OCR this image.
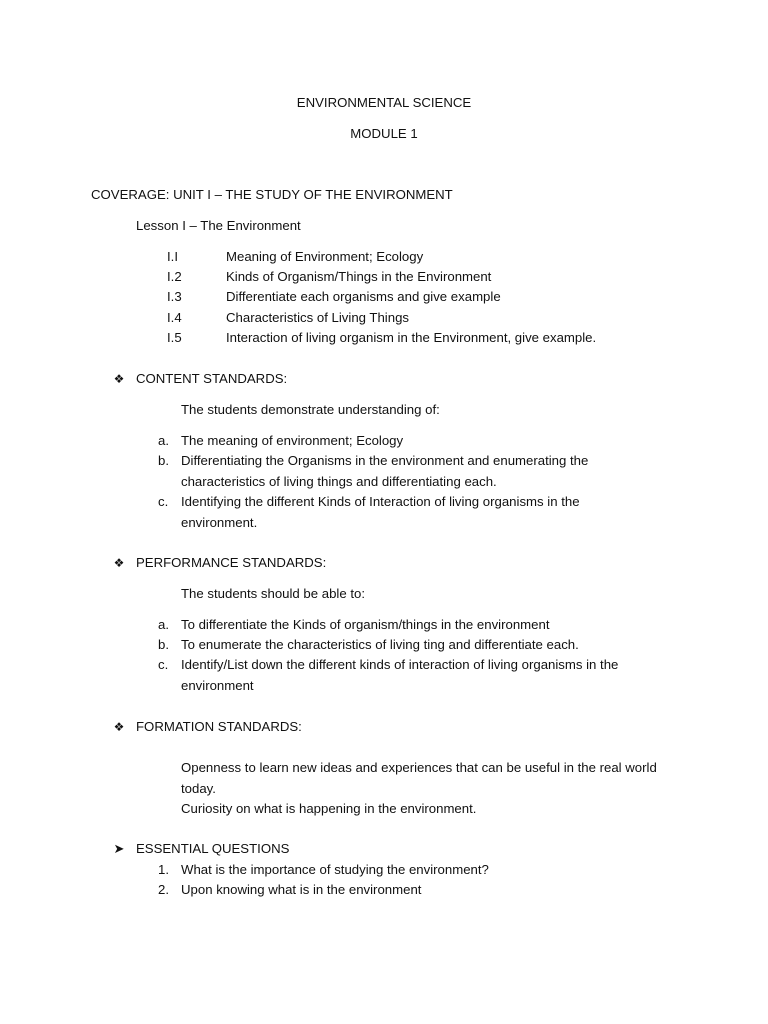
ENVIRONMENTAL SCIENCE
MODULE 1
COVERAGE: UNIT I – THE STUDY OF THE ENVIRONMENT
Lesson I – The Environment
I.I	Meaning of Environment; Ecology
I.2	Kinds of Organism/Things in the Environment
I.3	Differentiate each organisms and give example
I.4	Characteristics of Living Things
I.5	Interaction of living organism in the Environment, give example.
❖ CONTENT STANDARDS:
The students demonstrate understanding of:
a. The meaning of environment; Ecology
b. Differentiating the Organisms in the environment and enumerating the characteristics of living things and differentiating each.
c. Identifying the different Kinds of Interaction of living organisms in the environment.
❖ PERFORMANCE STANDARDS:
The students should be able to:
a. To differentiate the Kinds of organism/things in the environment
b. To enumerate the characteristics of living ting and differentiate each.
c. Identify/List down the different kinds of interaction of living organisms in the environment
❖ FORMATION STANDARDS:
Openness to learn new ideas and experiences that can be useful in the real world today.
Curiosity on what is happening in the environment.
➤ ESSENTIAL QUESTIONS
1. What is the importance of studying the environment?
2. Upon knowing what is in the environment
